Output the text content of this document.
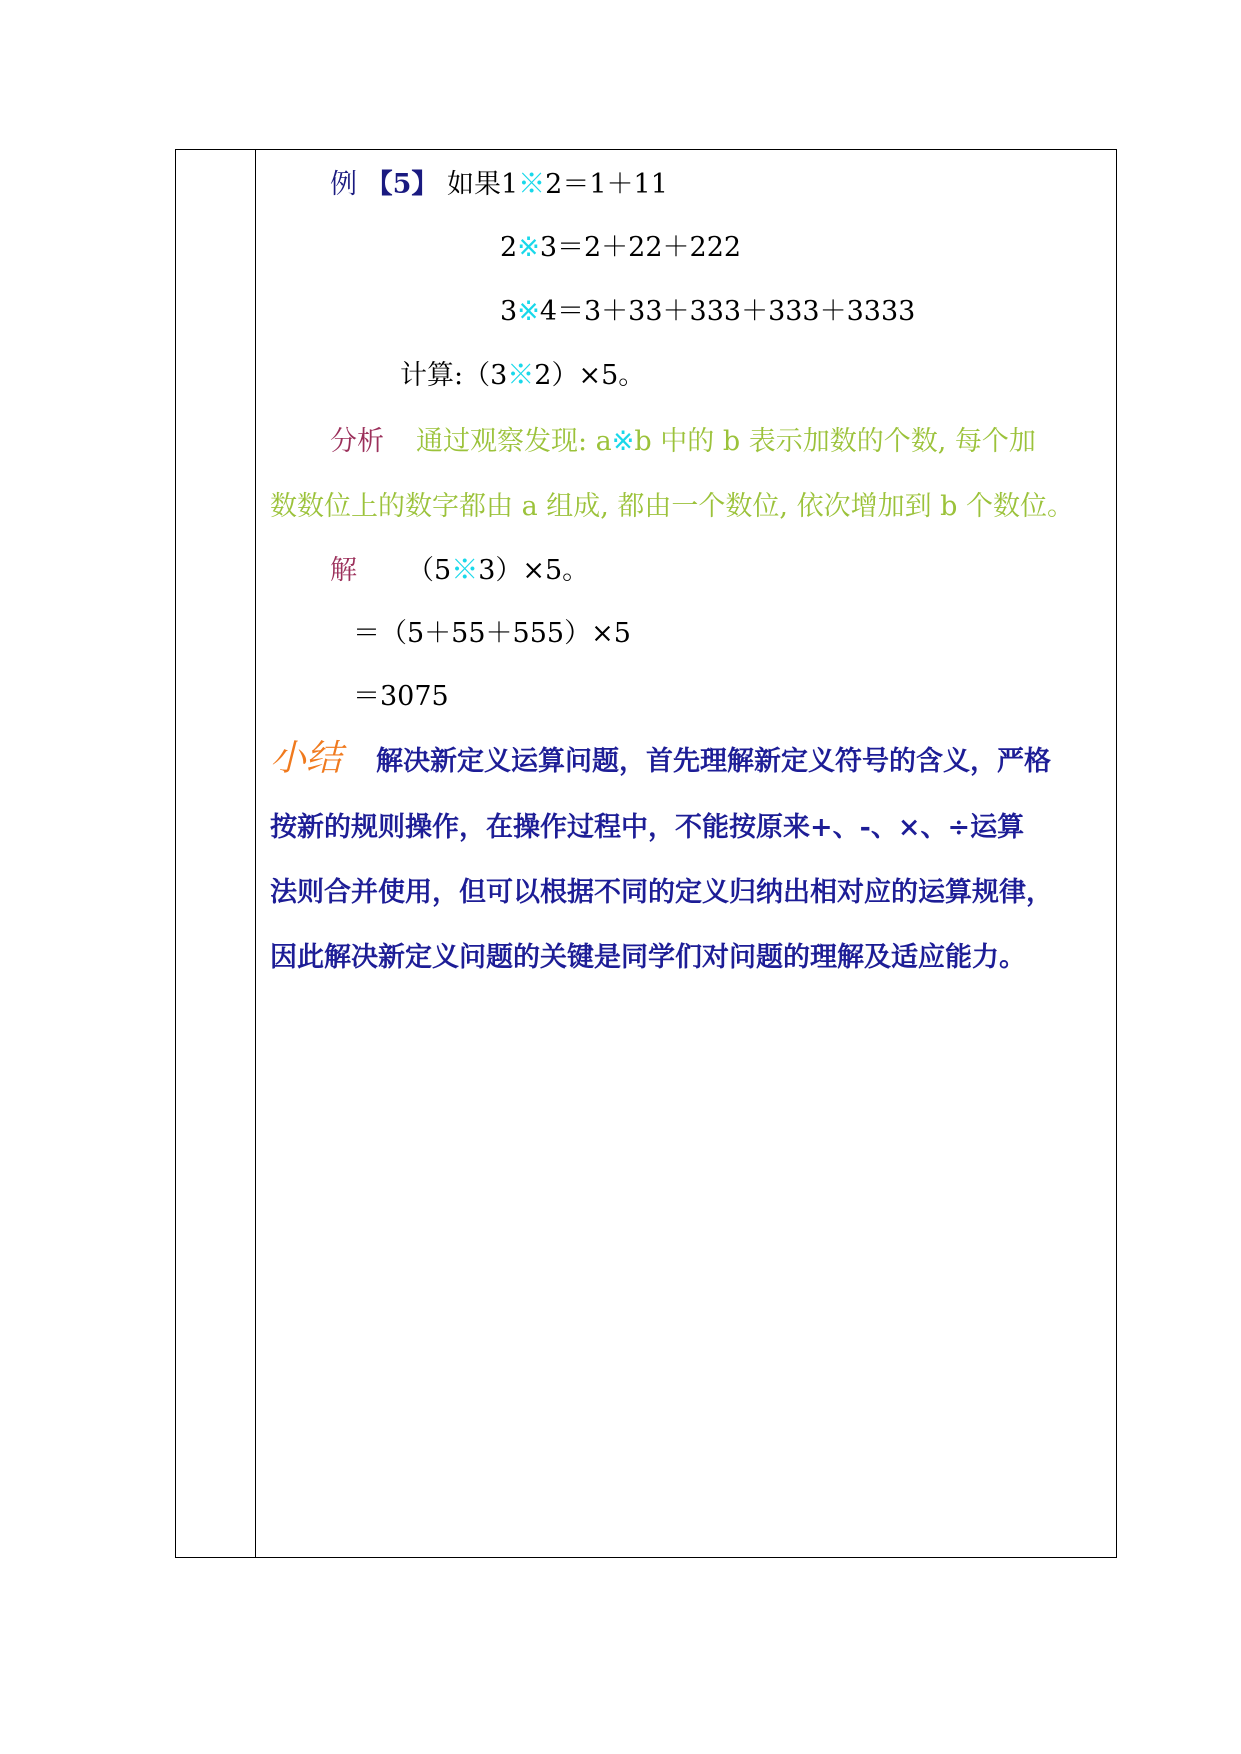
例 【5】 如果1※2＝1＋11
2※3＝2＋22＋222
3※4＝3＋33＋333＋333＋3333
计算:（3※2）×5。
分析 通过观察发现: a※b 中的 b 表示加数的个数, 每个加
数数位上的数字都由 a 组成, 都由一个数位, 依次增加到 b 个数位。
解 （5※3）×5。
＝（5＋55＋555）×5
＝3075
小结 解决新定义运算问题，首先理解新定义符号的含义，严格
按新的规则操作，在操作过程中，不能按原来+、-、×、÷运算
法则合并使用，但可以根据不同的定义归纳出相对应的运算规律，
因此解决新定义问题的关键是同学们对问题的理解及适应能力。
